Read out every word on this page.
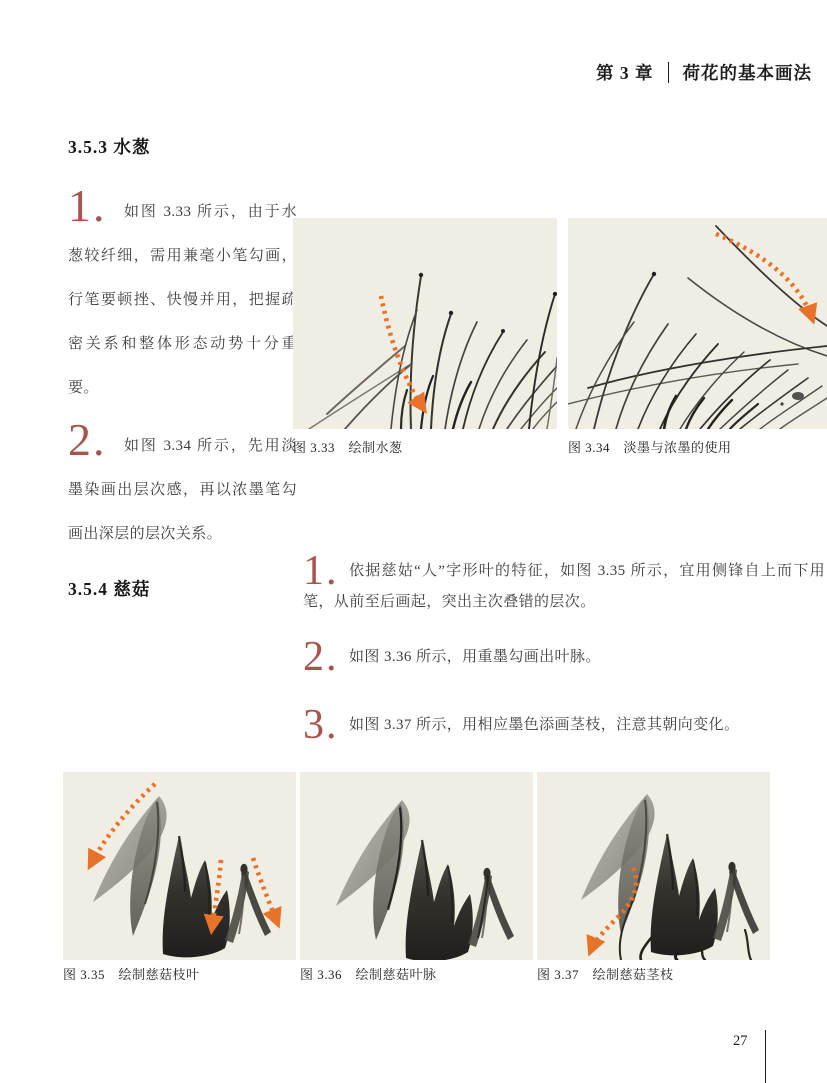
第 3 章 荷花的基本画法
3.5.3 水葱
1.	如图 3.33 所示，由于水葱较纤细，需用兼毫小笔勾画，行笔要顿挫、快慢并用，把握疏密关系和整体形态动势十分重要。
2.	如图 3.34 所示，先用淡墨染画出层次感，再以浓墨笔勾画出深层的层次关系。
图 3.33　绘制水葱	图 3.34　淡墨与浓墨的使用
3.5.4 慈菇	1. 依据慈姑“人”字形叶的特征，如图 3.35 所示，宜用侧锋自上而下用笔，从前至后画起，突出主次叠错的层次。
2. 如图 3.36 所示，用重墨勾画出叶脉。
3. 如图 3.37 所示，用相应墨色添画茎枝，注意其朝向变化。
图 3.35　绘制慈菇枝叶	图 3.36　绘制慈菇叶脉	图 3.37　绘制慈菇茎枝
27
